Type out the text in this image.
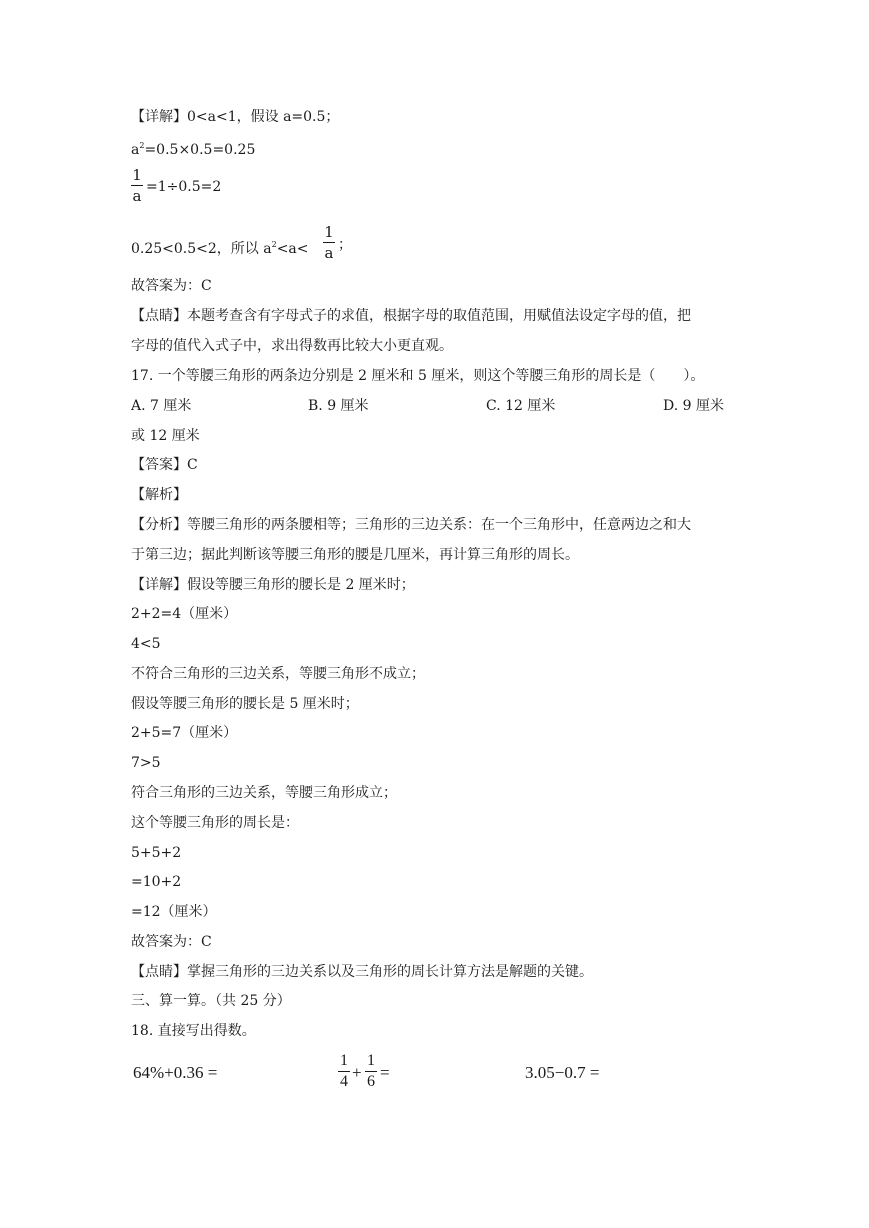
【详解】0<a<1，假设 a=0.5；
$a^2=0.5\times 0.5=0.25$
1
a =1÷0.5=2
0.25<0.5<2，所以 $a^2<a<$
1
a ；
故答案为：C
【点睛】本题考查含有字母式子的求值，根据字母的取值范围，用赋值法设定字母的值，把
字母的值代入式子中，求出得数再比较大小更直观。
17. 一个等腰三角形的两条边分别是 2 厘米和 5 厘米，则这个等腰三角形的周长是（　　）。
A. 7 厘米	B. 9 厘米	C. 12 厘米	D. 9 厘米
或 12 厘米
【答案】C
【解析】
【分析】等腰三角形的两条腰相等；三角形的三边关系：在一个三角形中，任意两边之和大
于第三边；据此判断该等腰三角形的腰是几厘米，再计算三角形的周长。
【详解】假设等腰三角形的腰长是 2 厘米时；
2+2=4（厘米）
4<5
不符合三角形的三边关系，等腰三角形不成立；
假设等腰三角形的腰长是 5 厘米时；
2+5=7（厘米）
7>5
符合三角形的三边关系，等腰三角形成立；
这个等腰三角形的周长是：
5+5+2
=10+2
=12（厘米）
故答案为：C
【点睛】掌握三角形的三边关系以及三角形的周长计算方法是解题的关键。
三、算一算。（共 25 分）
18. 直接写出得数。
64%+0.36 =
1
4 +
1
6 =	3.05−0.7 =
